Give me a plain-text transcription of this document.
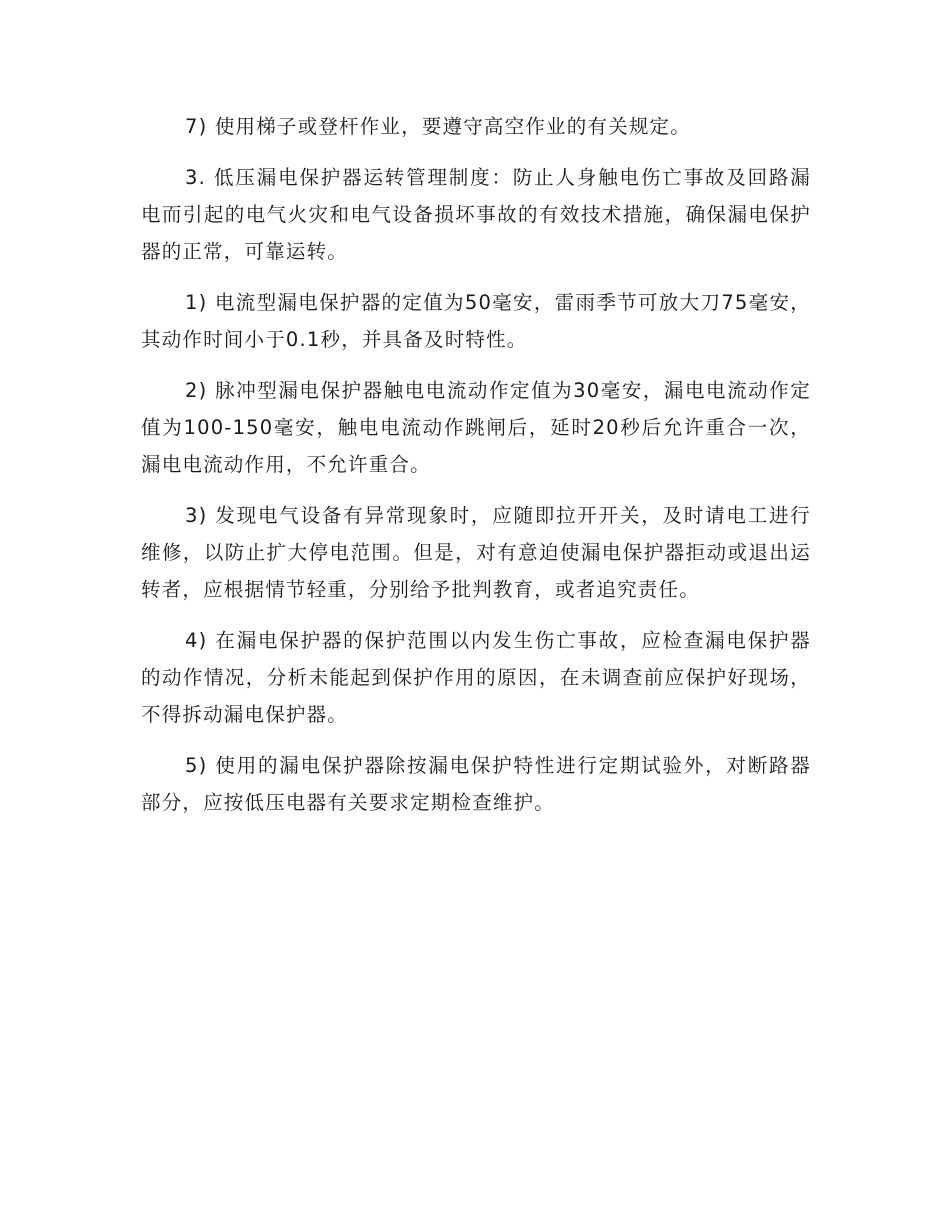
7) 使用梯子或登杆作业，要遵守高空作业的有关规定。

3. 低压漏电保护器运转管理制度：防止人身触电伤亡事故及回路漏电而引起的电气火灾和电气设备损坏事故的有效技术措施，确保漏电保护器的正常，可靠运转。

1) 电流型漏电保护器的定值为50毫安，雷雨季节可放大刀75毫安，其动作时间小于0.1秒，并具备及时特性。

2) 脉冲型漏电保护器触电电流动作定值为30毫安，漏电电流动作定值为100-150毫安，触电电流动作跳闸后，延时20秒后允许重合一次，漏电电流动作用，不允许重合。

3) 发现电气设备有异常现象时，应随即拉开开关，及时请电工进行维修，以防止扩大停电范围。但是，对有意迫使漏电保护器拒动或退出运转者，应根据情节轻重，分别给予批判教育，或者追究责任。

4) 在漏电保护器的保护范围以内发生伤亡事故，应检查漏电保护器的动作情况，分析未能起到保护作用的原因，在未调查前应保护好现场，不得拆动漏电保护器。

5) 使用的漏电保护器除按漏电保护特性进行定期试验外，对断路器部分，应按低压电器有关要求定期检查维护。
